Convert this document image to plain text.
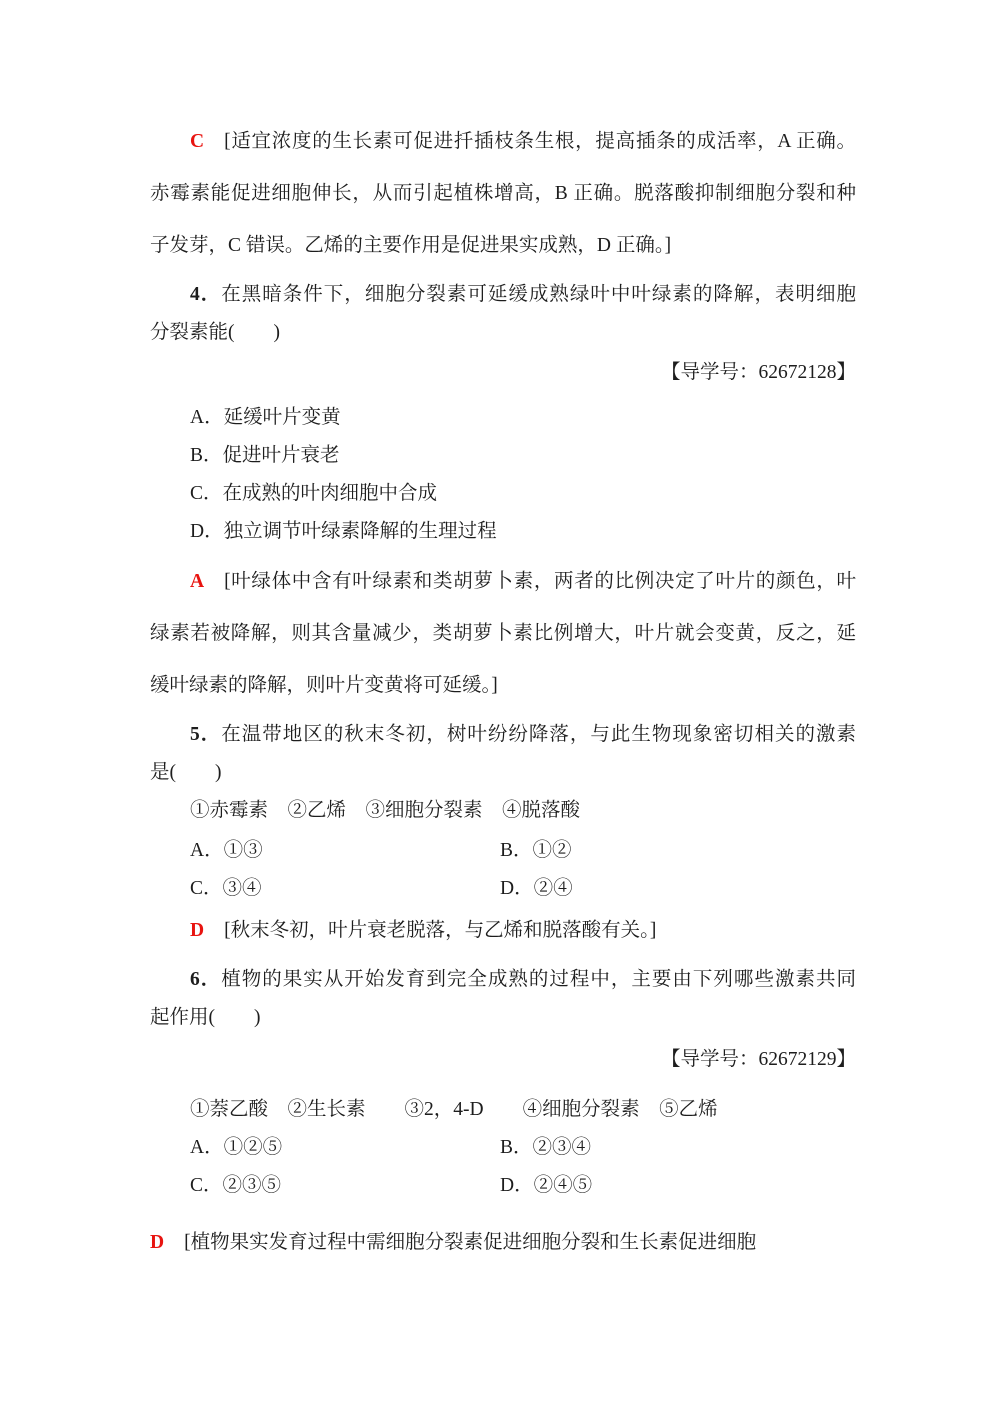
C [适宜浓度的生长素可促进扦插枝条生根，提高插条的成活率，A 正确。
赤霉素能促进细胞伸长，从而引起植株增高，B 正确。脱落酸抑制细胞分裂和种
子发芽，C 错误。乙烯的主要作用是促进果实成熟，D 正确。]
4．在黑暗条件下，细胞分裂素可延缓成熟绿叶中叶绿素的降解，表明细胞
分裂素能(　　)
【导学号：62672128】
A．延缓叶片变黄
B．促进叶片衰老
C．在成熟的叶肉细胞中合成
D．独立调节叶绿素降解的生理过程
A [叶绿体中含有叶绿素和类胡萝卜素，两者的比例决定了叶片的颜色，叶
绿素若被降解，则其含量减少，类胡萝卜素比例增大，叶片就会变黄，反之，延
缓叶绿素的降解，则叶片变黄将可延缓。]
5．在温带地区的秋末冬初，树叶纷纷降落，与此生物现象密切相关的激素
是(　　)
①赤霉素　②乙烯　③细胞分裂素　④脱落酸
A．①③	B．①②
C．③④	D．②④
D [秋末冬初，叶片衰老脱落，与乙烯和脱落酸有关。]
6．植物的果实从开始发育到完全成熟的过程中，主要由下列哪些激素共同
起作用(　　)
【导学号：62672129】
①萘乙酸　②生长素　　③2，4-D　　④细胞分裂素　⑤乙烯
A．①②⑤	B．②③④
C．②③⑤	D．②④⑤
D [植物果实发育过程中需细胞分裂素促进细胞分裂和生长素促进细胞
